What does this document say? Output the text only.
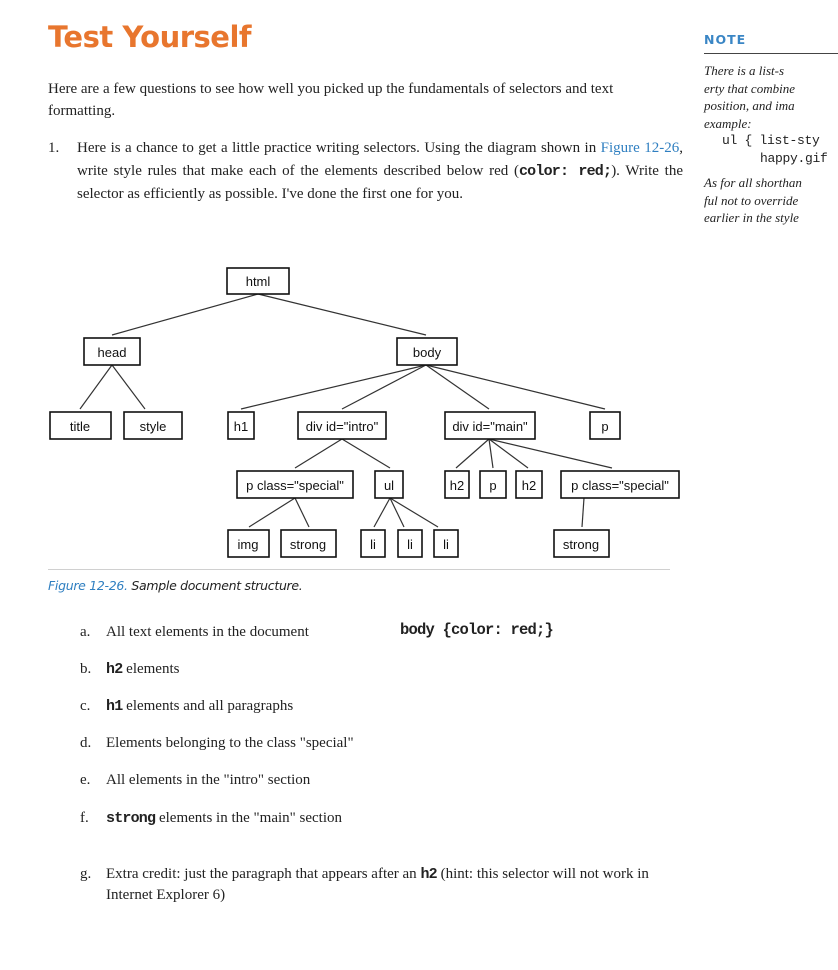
Test Yourself

Here are a few questions to see how well you picked up the fundamentals of selectors and text formatting.

1. Here is a chance to get a little practice writing selectors. Using the diagram shown in Figure 12-26, write style rules that make each of the elements described below red (color: red;). Write the selector as efficiently as possible. I've done the first one for you.

html
head	body
title	style	h1	div id="intro"	div id="main"	p
p class="special"	ul	h2 p h2	p class="special"
img strong	li li li	strong
Figure 12-26. Sample document structure.
a. All text elements in the document	body {color: red;}
b. h2 elements
c. h1 elements and all paragraphs
d. Elements belonging to the class "special"
e. All elements in the "intro" section
f. strong elements in the "main" section
g. Extra credit: just the paragraph that appears after an h2 (hint: this selector will not work in Internet Explorer 6)
NOTE
There is a list-s
erty that combine
position, and ima
example:
ul { list-sty
happy.gif
As for all shorthan
ful not to override
earlier in the style
